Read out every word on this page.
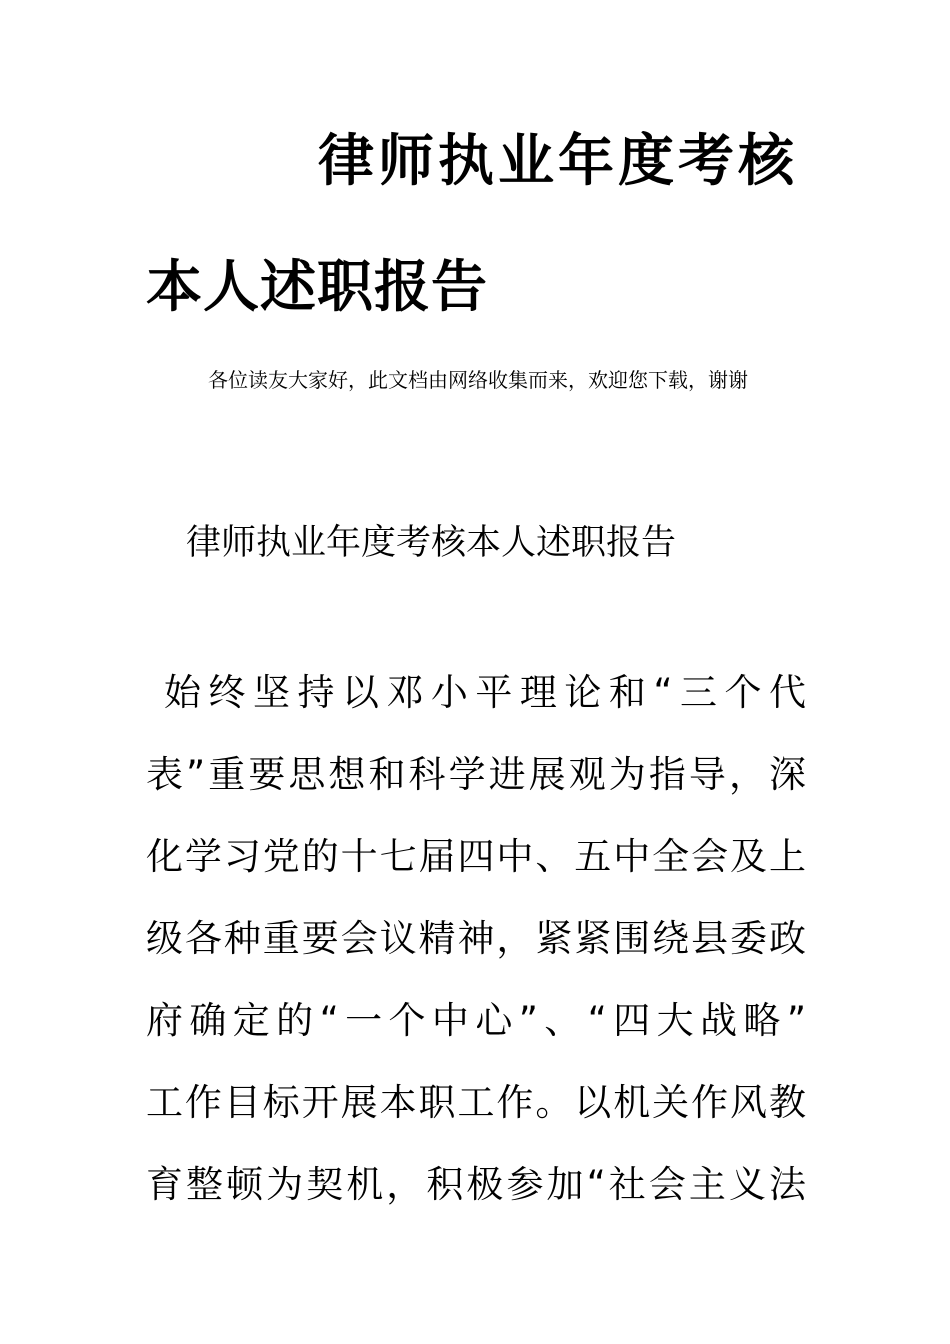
律师执业年度考核
本人述职报告
各位读友大家好，此文档由网络收集而来，欢迎您下载，谢谢
律师执业年度考核本人述职报告
始终坚持以邓小平理论和“三个代
表”重要思想和科学进展观为指导，深
化学习党的十七届四中、五中全会及上
级各种重要会议精神，紧紧围绕县委政
府确定的“一个中心”、“四大战略”
工作目标开展本职工作。以机关作风教
育整顿为契机，积极参加“社会主义法
